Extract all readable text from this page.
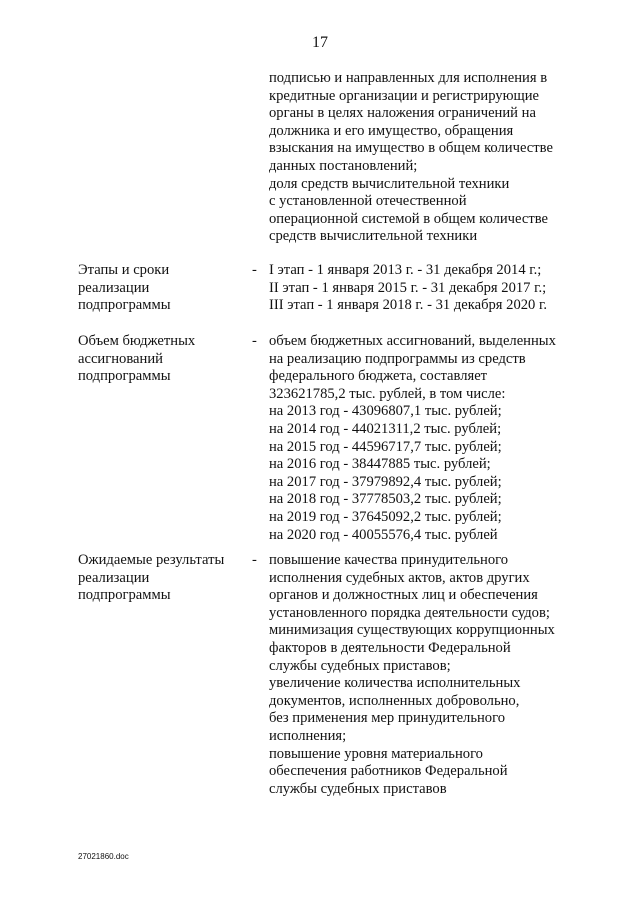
17
подписью и направленных для исполнения в
кредитные организации и регистрирующие
органы в целях наложения ограничений на
должника и его имущество, обращения
взыскания на имущество в общем количестве
данных постановлений;
доля средств вычислительной техники
с установленной отечественной
операционной системой в общем количестве
средств вычислительной техники
Этапы и сроки
реализации
подпрограммы
- I этап - 1 января 2013 г. - 31 декабря 2014 г.;
II этап - 1 января 2015 г. - 31 декабря 2017 г.;
III этап - 1 января 2018 г. - 31 декабря 2020 г.
Объем бюджетных
ассигнований
подпрограммы
- объем бюджетных ассигнований, выделенных
на реализацию подпрограммы из средств
федерального бюджета, составляет
323621785,2 тыс. рублей, в том числе:
на 2013 год - 43096807,1 тыс. рублей;
на 2014 год - 44021311,2 тыс. рублей;
на 2015 год - 44596717,7 тыс. рублей;
на 2016 год - 38447885 тыс. рублей;
на 2017 год - 37979892,4 тыс. рублей;
на 2018 год - 37778503,2 тыс. рублей;
на 2019 год - 37645092,2 тыс. рублей;
на 2020 год - 40055576,4 тыс. рублей
Ожидаемые результаты
реализации
подпрограммы
- повышение качества принудительного
исполнения судебных актов, актов других
органов и должностных лиц и обеспечения
установленного порядка деятельности судов;
минимизация существующих коррупционных
факторов в деятельности Федеральной
службы судебных приставов;
увеличение количества исполнительных
документов, исполненных добровольно,
без применения мер принудительного
исполнения;
повышение уровня материального
обеспечения работников Федеральной
службы судебных приставов
27021860.doc
